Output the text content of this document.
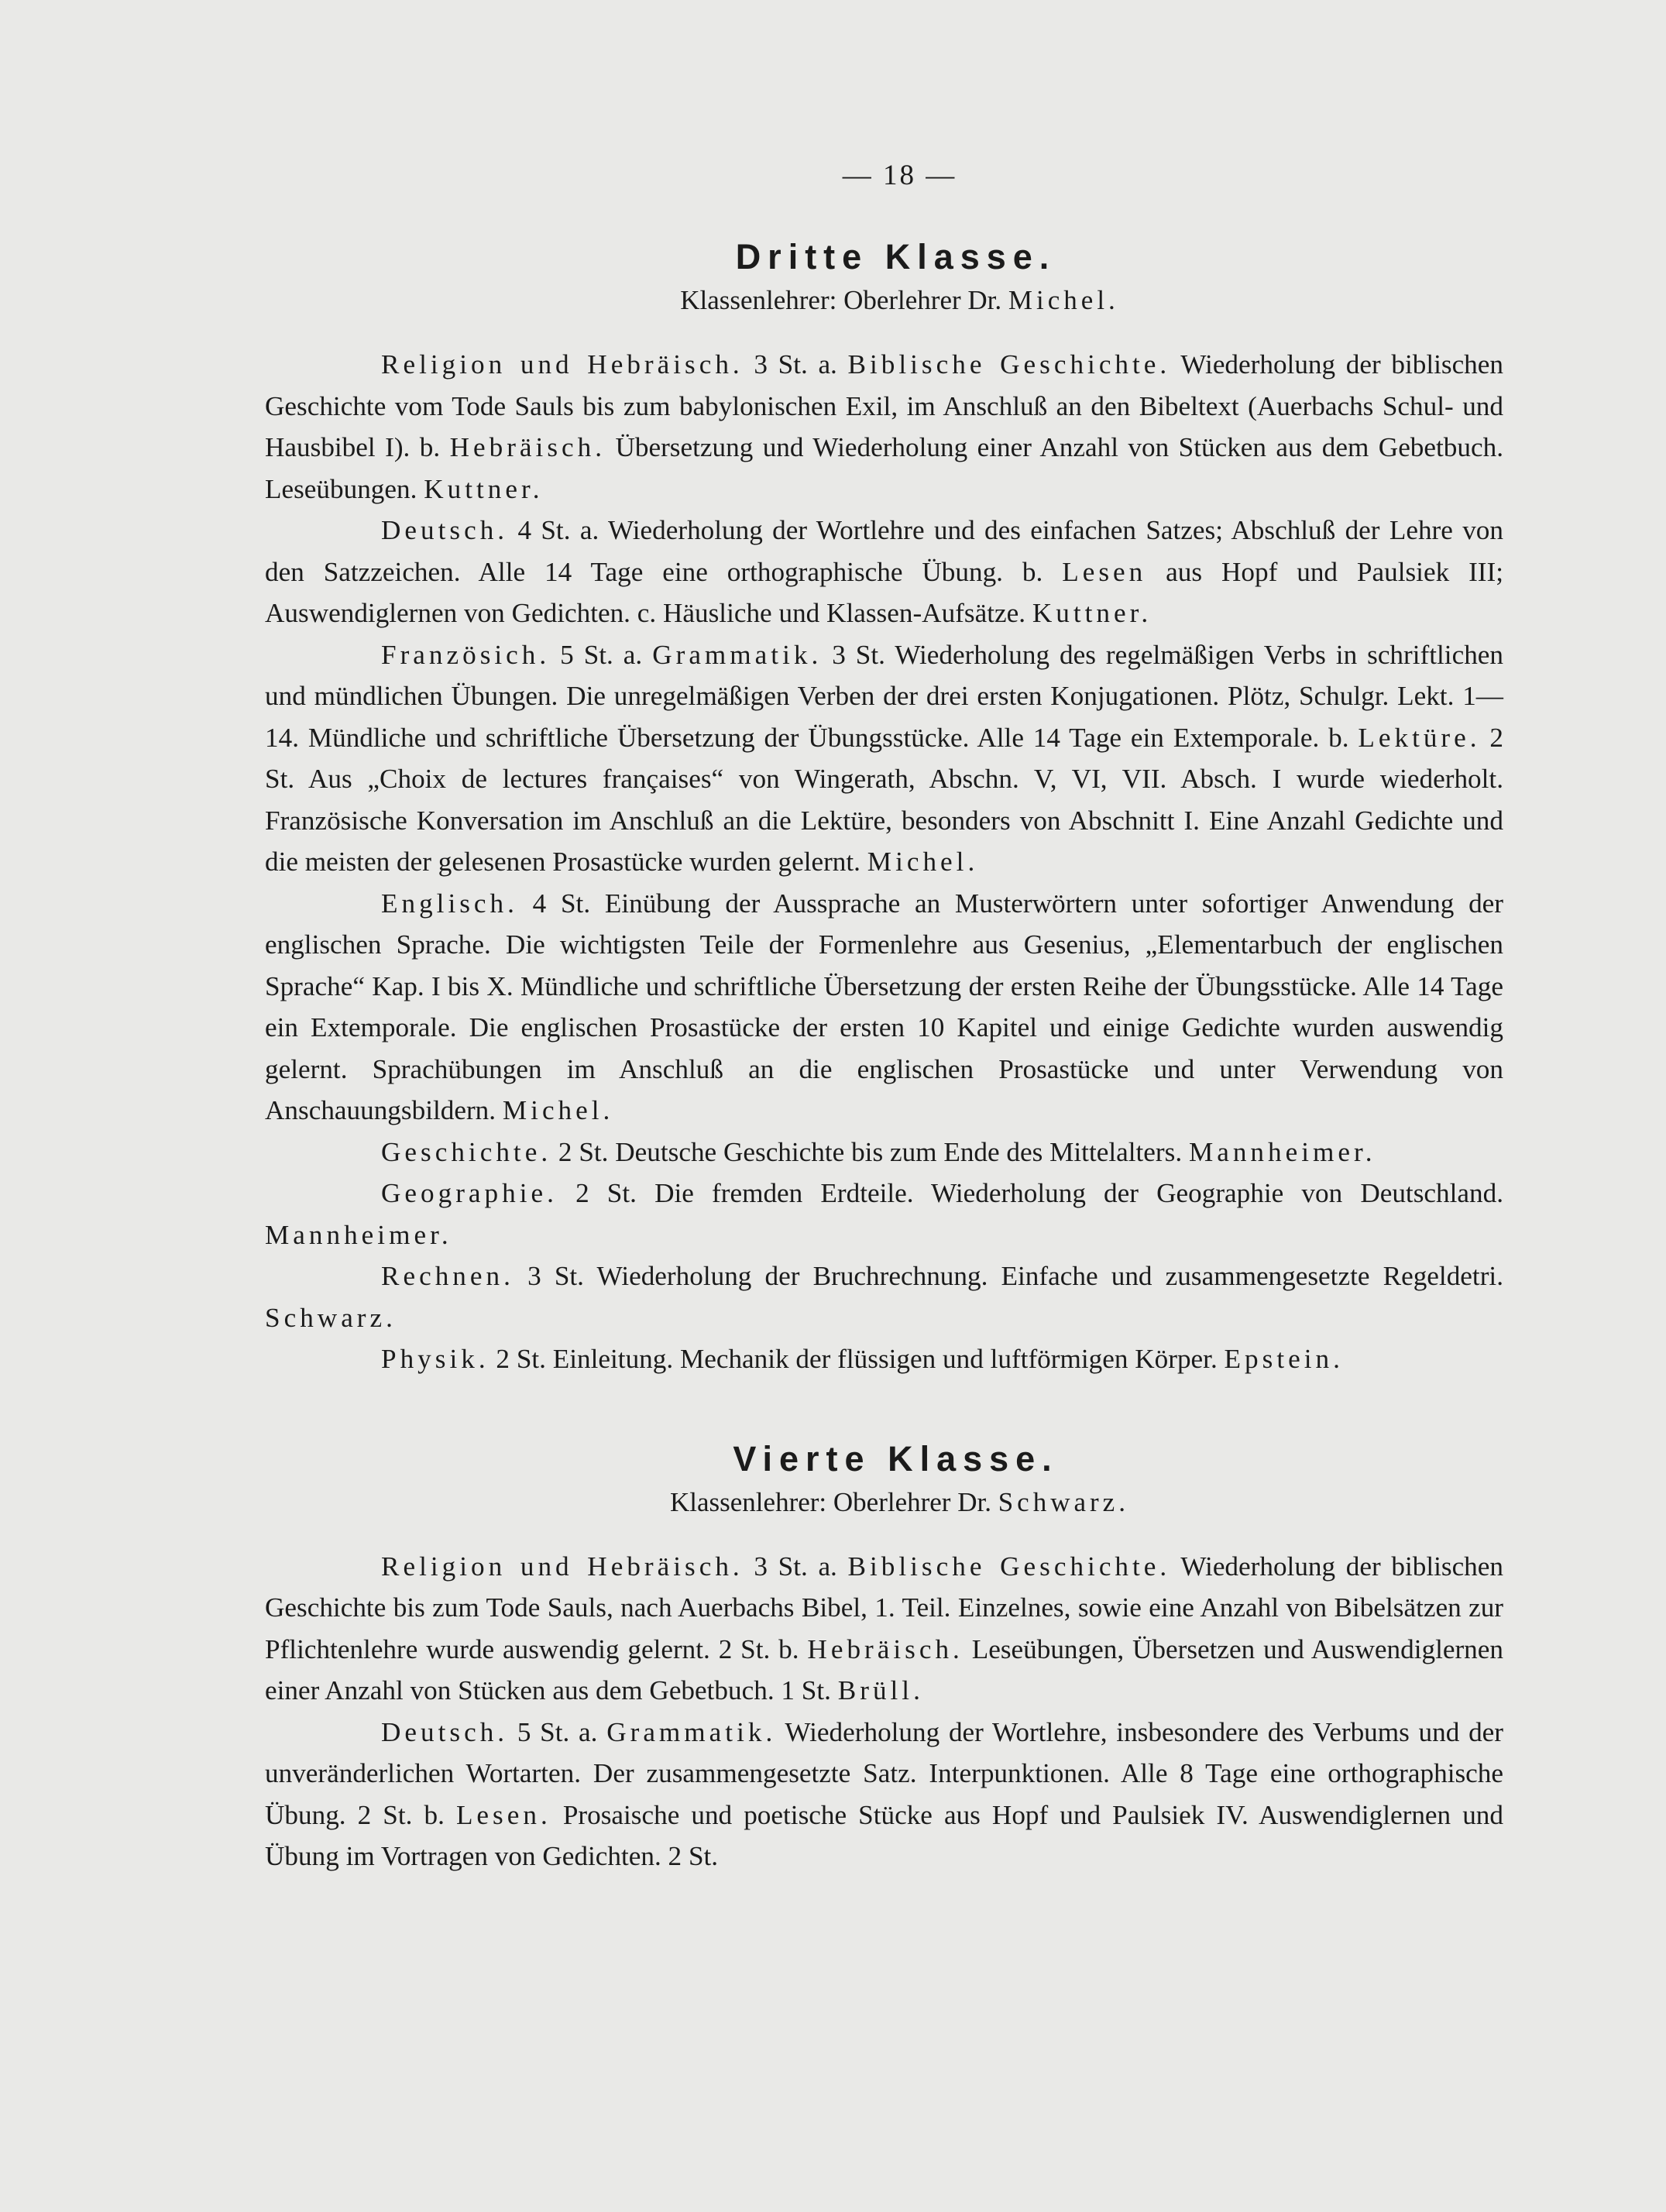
— 18 —
Dritte Klasse.
Klassenlehrer: Oberlehrer Dr. Michel.

Religion und Hebräisch. 3 St. a. Biblische Geschichte. Wiederholung der biblischen Geschichte vom Tode Sauls bis zum babylonischen Exil, im Anschluß an den Bibeltext (Auerbachs Schul- und Hausbibel I). b. Hebräisch. Übersetzung und Wiederholung einer Anzahl von Stücken aus dem Gebetbuch. Leseübungen. Kuttner.

Deutsch. 4 St. a. Wiederholung der Wortlehre und des einfachen Satzes; Abschluß der Lehre von den Satzzeichen. Alle 14 Tage eine orthographische Übung. b. Lesen aus Hopf und Paulsiek III; Auswendiglernen von Gedichten. c. Häusliche und Klassen-Aufsätze. Kuttner.

Französich. 5 St. a. Grammatik. 3 St. Wiederholung des regelmäßigen Verbs in schriftlichen und mündlichen Übungen. Die unregelmäßigen Verben der drei ersten Konjugationen. Plötz, Schulgr. Lekt. 1—14. Mündliche und schriftliche Übersetzung der Übungsstücke. Alle 14 Tage ein Extemporale. b. Lektüre. 2 St. Aus „Choix de lectures françaises“ von Wingerath, Abschn. V, VI, VII. Absch. I wurde wiederholt. Französische Konversation im Anschluß an die Lektüre, besonders von Abschnitt I. Eine Anzahl Gedichte und die meisten der gelesenen Prosastücke wurden gelernt. Michel.

Englisch. 4 St. Einübung der Aussprache an Musterwörtern unter sofortiger Anwendung der englischen Sprache. Die wichtigsten Teile der Formenlehre aus Gesenius, „Elementarbuch der englischen Sprache“ Kap. I bis X. Mündliche und schriftliche Übersetzung der ersten Reihe der Übungsstücke. Alle 14 Tage ein Extemporale. Die englischen Prosastücke der ersten 10 Kapitel und einige Gedichte wurden auswendig gelernt. Sprachübungen im Anschluß an die englischen Prosastücke und unter Verwendung von Anschauungsbildern. Michel.

Geschichte. 2 St. Deutsche Geschichte bis zum Ende des Mittelalters. Mannheimer.

Geographie. 2 St. Die fremden Erdteile. Wiederholung der Geographie von Deutschland. Mannheimer.

Rechnen. 3 St. Wiederholung der Bruchrechnung. Einfache und zusammengesetzte Regeldetri. Schwarz.

Physik. 2 St. Einleitung. Mechanik der flüssigen und luftförmigen Körper. Epstein.

Vierte Klasse.
Klassenlehrer: Oberlehrer Dr. Schwarz.

Religion und Hebräisch. 3 St. a. Biblische Geschichte. Wiederholung der biblischen Geschichte bis zum Tode Sauls, nach Auerbachs Bibel, 1. Teil. Einzelnes, sowie eine Anzahl von Bibelsätzen zur Pflichtenlehre wurde auswendig gelernt. 2 St. b. Hebräisch. Leseübungen, Übersetzen und Auswendiglernen einer Anzahl von Stücken aus dem Gebetbuch. 1 St. Brüll.

Deutsch. 5 St. a. Grammatik. Wiederholung der Wortlehre, insbesondere des Verbums und der unveränderlichen Wortarten. Der zusammengesetzte Satz. Interpunktionen. Alle 8 Tage eine orthographische Übung. 2 St. b. Lesen. Prosaische und poetische Stücke aus Hopf und Paulsiek IV. Auswendiglernen und Übung im Vortragen von Gedichten. 2 St.
